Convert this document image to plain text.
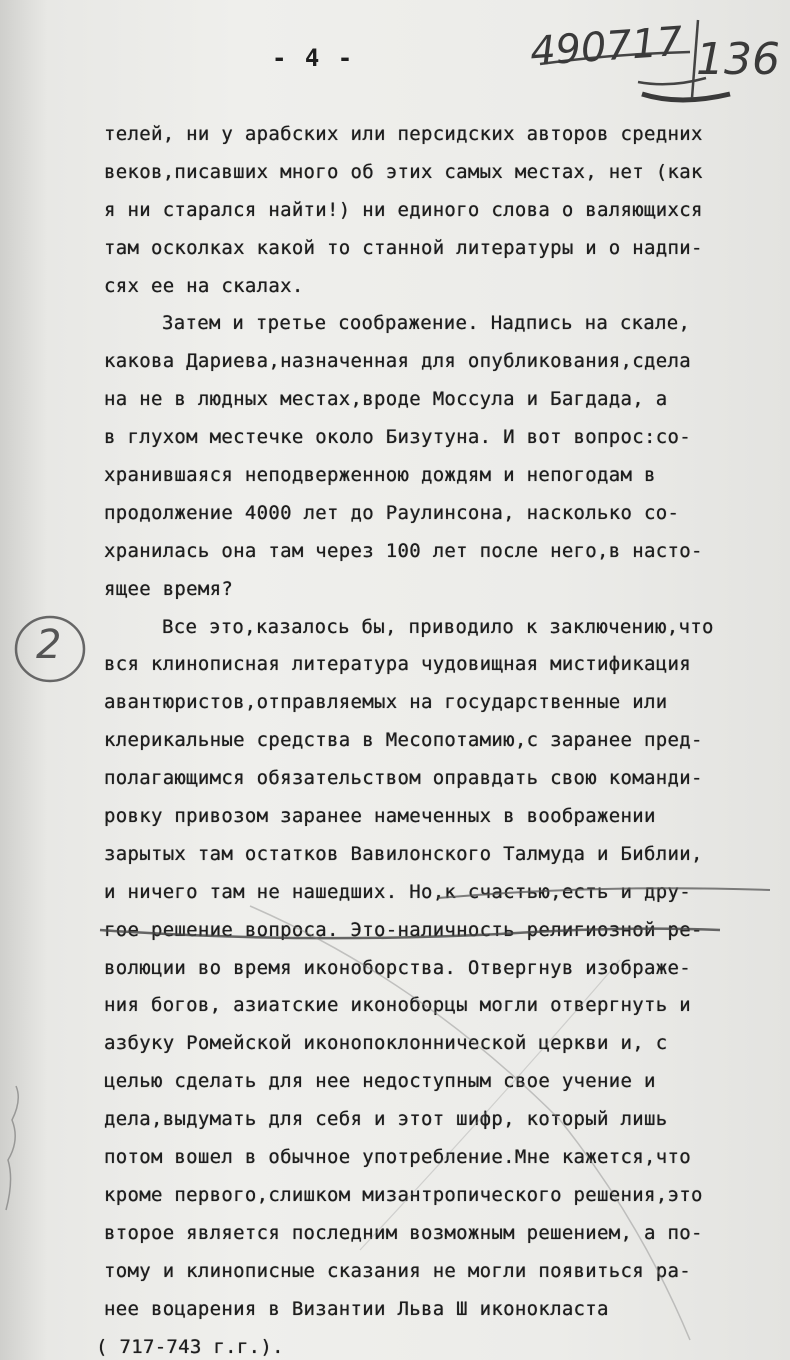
- 4 -	490717 136
2
телей, ни у арабских или персидских авторов средних
веков,писавших много об этих самых местах, нет (как
я ни старался найти!) ни единого слова о валяющихся
там осколках какой то станной литературы и о надпи-
сях ее на скалах.
Затем и третье соображение. Надпись на скале,
какова Дариева,назначенная для опубликования,сдела
на не в людных местах,вроде Моссула и Багдада, а
в глухом местечке около Бизутуна. И вот вопрос:со-
хранившаяся неподверженною дождям и непогодам в
продолжение 4000 лет до Раулинсона, насколько со-
хранилась она там через 100 лет после него,в насто-
ящее время?
Все это,казалось бы, приводило к заключению,что
вся клинописная литература чудовищная мистификация
авантюристов,отправляемых на государственные или
клерикальные средства в Месопотамию,с заранее пред-
полагающимся обязательством оправдать свою команди-
ровку привозом заранее намеченных в воображении
зарытых там остатков Вавилонского Талмуда и Библии,
и ничего там не нашедших. Но,к счастью,есть и дру-
гое решение вопроса. Это-наличность религиозной ре-
волюции во время иконоборства. Отвергнув изображе-
ния богов, азиатские иконоборцы могли отвергнуть и
азбуку Ромейской иконопоклоннической церкви и, с
целью сделать для нее недоступным свое учение и
дела,выдумать для себя и этот шифр, который лишь
потом вошел в обычное употребление.Мне кажется,что
кроме первого,слишком мизантропического решения,это
второе является последним возможным решением, а по-
тому и клинописные сказания не могли появиться ра-
нее воцарения в Византии Льва Ш иконокласта
( 717-743 г.г.).
